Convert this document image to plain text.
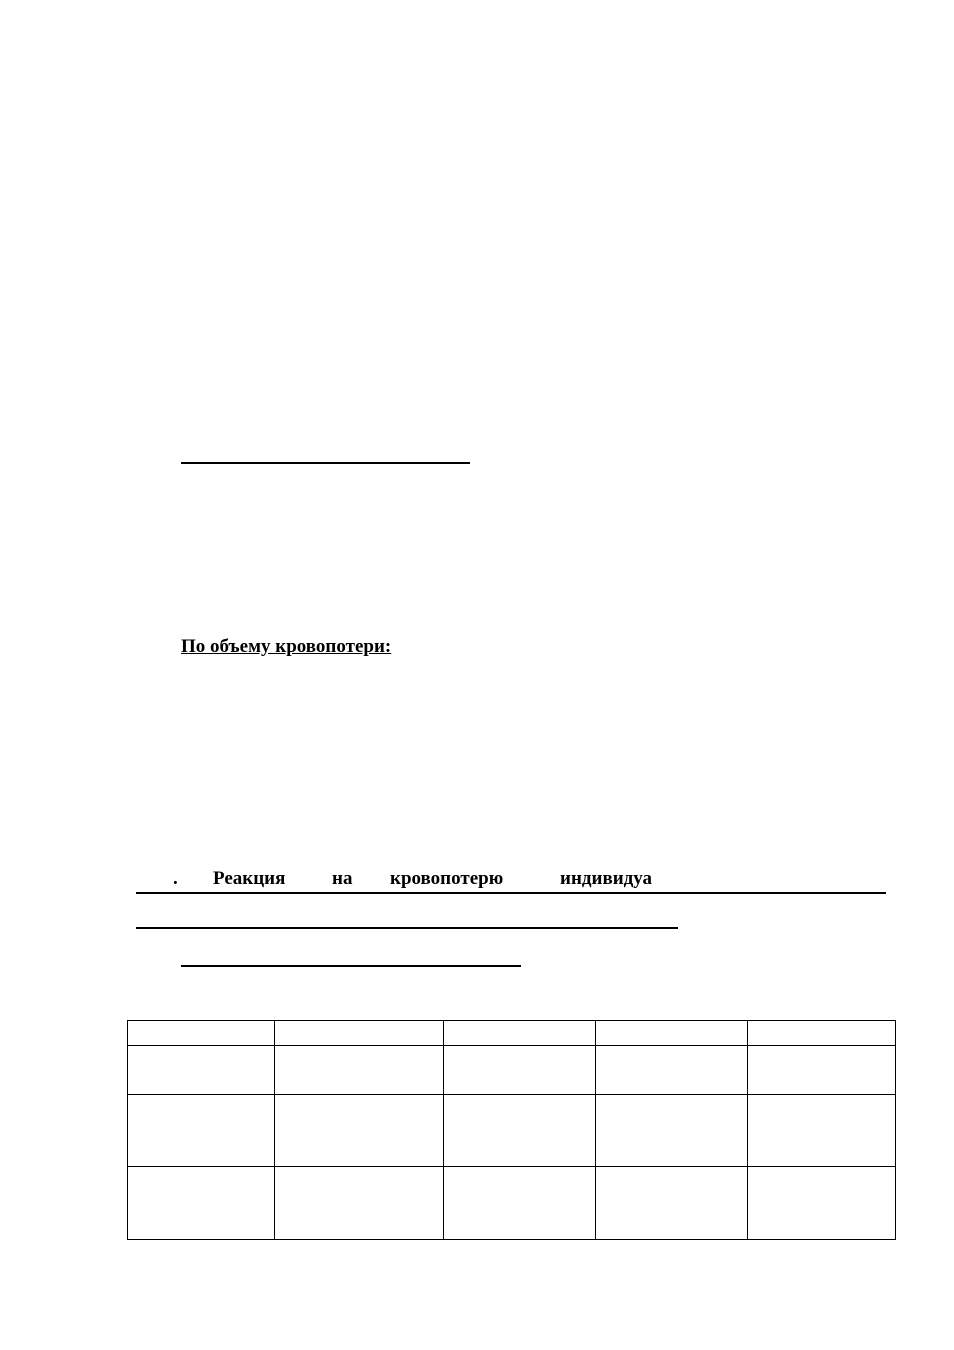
По объему кровопотери:
. Реакция на кровопотерю	индивидуа
